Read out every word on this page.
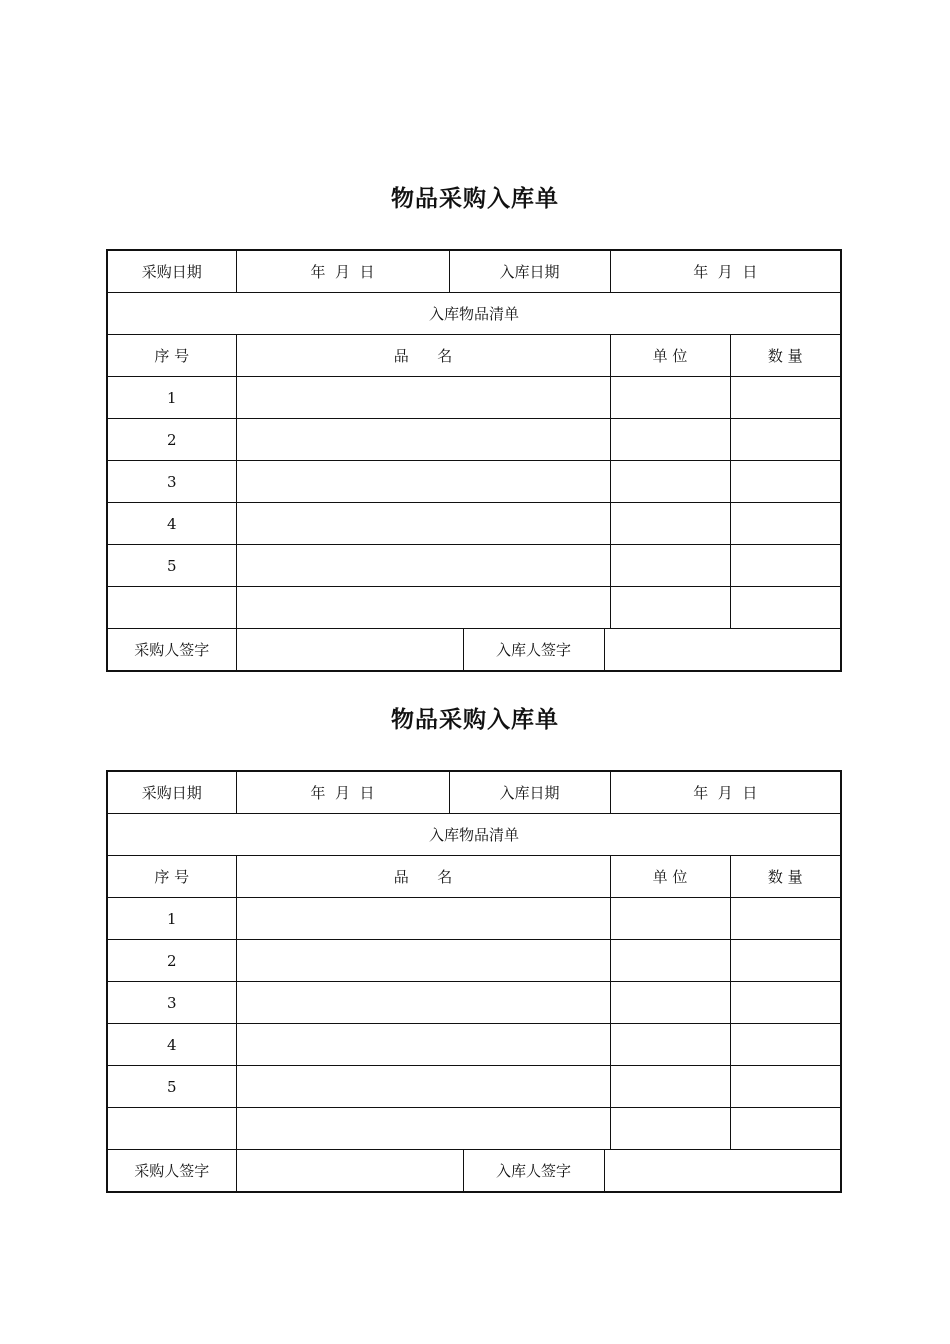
物品采购入库单
采购日期	年  月  日	入库日期			年  月  日	
入库物品清单						
序 号	品      名				单 位	数 量
1						
2						
3						
4						
5						

采购人签字			入库人签字			
物品采购入库单
采购日期	年  月  日	入库日期			年  月  日	
入库物品清单						
序 号	品      名				单 位	数 量
1						
2						
3						
4						
5						

采购人签字			入库人签字			
